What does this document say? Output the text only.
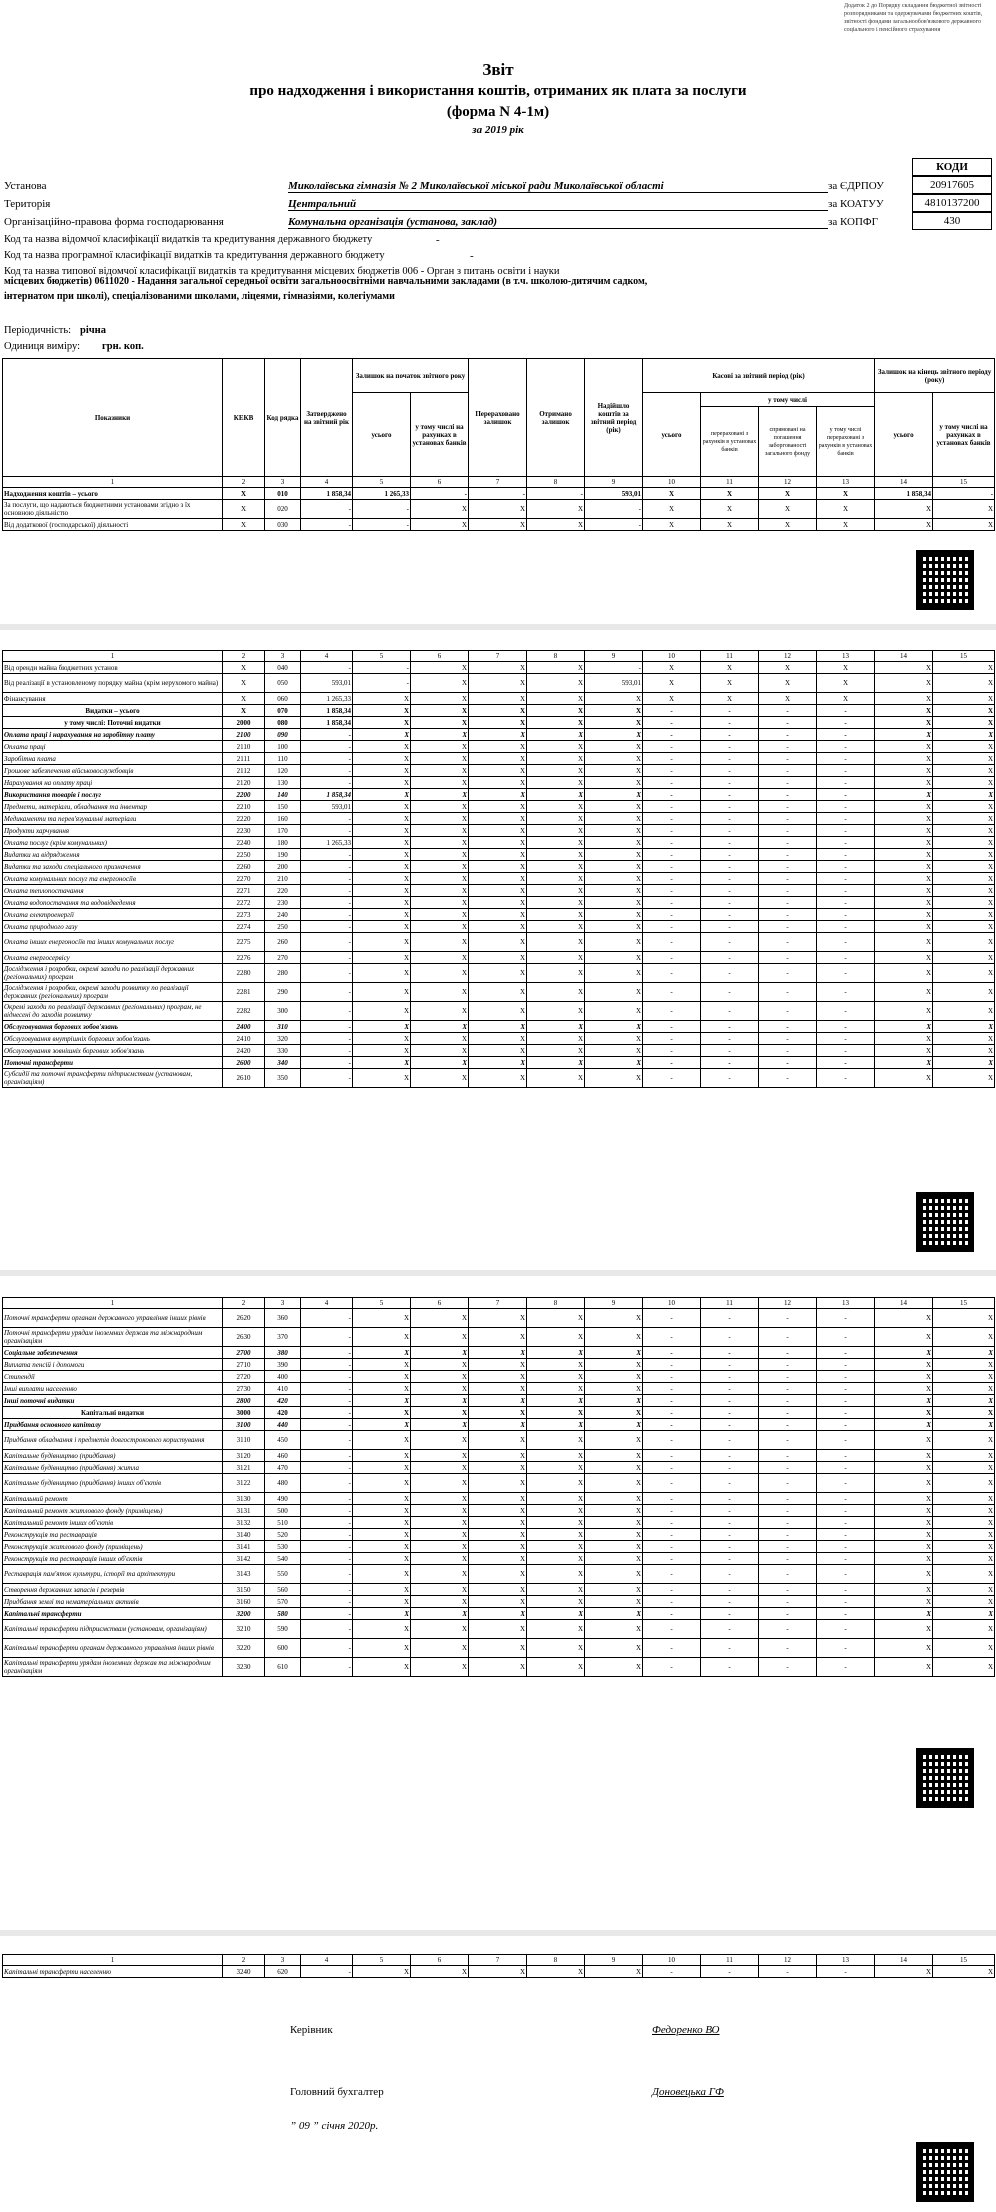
Додаток 2 до Порядку складання бюджетної звітності розпорядниками та одержувачами бюджетних коштів, звітності фондами загальнообов'язкового державного соціального і пенсійного страхування
Звіт
про надходження і використання коштів, отриманих як плата за послуги
(форма N 4-1м)
за 2019 рік
КОДИ
20917605
4810137200
430
Установа	Миколаївська гімназія № 2 Миколаївської міської ради Миколаївської області	за ЄДРПОУ
Територія	Центральний	за КОАТУУ
Організаційно-правова форма господарювання	Комунальна організація (установа, заклад)	за КОПФГ
Код та назва відомчої класифікації видатків та кредитування державного бюджету	-
Код та назва програмної класифікації видатків та кредитування державного бюджету	-
Код та назва типової відомчої класифікації видатків та кредитування місцевих бюджетів 006 - Орган з питань освіти і науки
місцевих бюджетів) 0611020 - Надання загальної середньої освіти загальноосвітніми навчальними закладами (в т.ч. школою-дитячим садком,
інтернатом при школі), спеціалізованими школами, ліцеями, гімназіями, колегіумами
Періодичність: річна
Одиниця виміру: грн. коп.
Показники	КЕКВ	Код рядка	Затверджено на звітний рік	Залишок на початок звітного року		Перераховано залишок	Отримано залишок	Надійшло коштів за звітний період (рік)	Касові за звітний період (рік)				Залишок на кінець звітного періоду (року)	
				усього	у тому числі на рахунках в установах банків				усього	у тому числі			усього	у тому числі на рахунках в установах банків
										перераховані з рахунків в установах банків	спрямовані на погашення заборгованості загального фонду	у тому числі перераховані з рахунків в установах банків		
1	2	3	4	5	6	7	8	9	10	11	12	13	14	15
Надходження коштів – усього	X	010	1 858,34	1 265,33	-	-	-	593,01	X	X	X	X	1 858,34	-
За послуги, що надаються бюджетними установами згідно з їх основною діяльністю	X	020	-	-	X	X	X	-	X	X	X	X	X	X
Від додаткової (господарської) діяльності	X	030	-	-	X	X	X	-	X	X	X	X	X	X
1	2	3	4	5	6	7	8	9	10	11	12	13	14	15
Від оренди майна бюджетних установ	X	040	-	-	X	X	X	-	X	X	X	X	X	X
Від реалізації в установленому порядку майна (крім нерухомого майна)	X	050	593,01	-	X	X	X	593,01	X	X	X	X	X	X
Фінансування	X	060	1 265,33	X	X	X	X	X	X	X	X	X	X	X
Видатки – усього	X	070	1 858,34	X	X	X	X	X	-	-	-	-	X	X
у тому числі: Поточні видатки	2000	080	1 858,34	X	X	X	X	X	-	-	-	-	X	X
Оплата праці і нарахування на заробітну плату	2100	090	-	X	X	X	X	X	-	-	-	-	X	X
Оплата праці	2110	100	-	X	X	X	X	X	-	-	-	-	X	X
Заробітна плата	2111	110	-	X	X	X	X	X	-	-	-	-	X	X
Грошове забезпечення військовослужбовців	2112	120	-	X	X	X	X	X	-	-	-	-	X	X
Нарахування на оплату праці	2120	130	-	X	X	X	X	X	-	-	-	-	X	X
Використання товарів і послуг	2200	140	1 858,34	X	X	X	X	X	-	-	-	-	X	X
Предмети, матеріали, обладнання та інвентар	2210	150	593,01	X	X	X	X	X	-	-	-	-	X	X
Медикаменти та перев'язувальні матеріали	2220	160	-	X	X	X	X	X	-	-	-	-	X	X
Продукти харчування	2230	170	-	X	X	X	X	X	-	-	-	-	X	X
Оплата послуг (крім комунальних)	2240	180	1 265,33	X	X	X	X	X	-	-	-	-	X	X
Видатки на відрядження	2250	190	-	X	X	X	X	X	-	-	-	-	X	X
Видатки та заходи спеціального призначення	2260	200	-	X	X	X	X	X	-	-	-	-	X	X
Оплата комунальних послуг та енергоносіїв	2270	210	-	X	X	X	X	X	-	-	-	-	X	X
Оплата теплопостачання	2271	220	-	X	X	X	X	X	-	-	-	-	X	X
Оплата водопостачання та водовідведення	2272	230	-	X	X	X	X	X	-	-	-	-	X	X
Оплата електроенергії	2273	240	-	X	X	X	X	X	-	-	-	-	X	X
Оплата природного газу	2274	250	-	X	X	X	X	X	-	-	-	-	X	X
Оплата інших енергоносіїв та інших комунальних послуг	2275	260	-	X	X	X	X	X	-	-	-	-	X	X
Оплата енергосервісу	2276	270	-	X	X	X	X	X	-	-	-	-	X	X
Дослідження і розробки, окремі заходи по реалізації державних (регіональних) програм	2280	280	-	X	X	X	X	X	-	-	-	-	X	X
Дослідження і розробки, окремі заходи розвитку по реалізації державних (регіональних) програм	2281	290	-	X	X	X	X	X	-	-	-	-	X	X
Окремі заходи по реалізації державних (регіональних) програм, не віднесені до заходів розвитку	2282	300	-	X	X	X	X	X	-	-	-	-	X	X
Обслуговування боргових зобов'язань	2400	310	-	X	X	X	X	X	-	-	-	-	X	X
Обслуговування внутрішніх боргових зобов'язань	2410	320	-	X	X	X	X	X	-	-	-	-	X	X
Обслуговування зовнішніх боргових зобов'язань	2420	330	-	X	X	X	X	X	-	-	-	-	X	X
Поточні трансферти	2600	340	-	X	X	X	X	X	-	-	-	-	X	X
Субсидії та поточні трансферти підприємствам (установам, організаціям)	2610	350	-	X	X	X	X	X	-	-	-	-	X	X
1	2	3	4	5	6	7	8	9	10	11	12	13	14	15
Поточні трансферти органам державного управління інших рівнів	2620	360	-	X	X	X	X	X	-	-	-	-	X	X
Поточні трансферти урядам іноземних держав та міжнародним організаціям	2630	370	-	X	X	X	X	X	-	-	-	-	X	X
Соціальне забезпечення	2700	380	-	X	X	X	X	X	-	-	-	-	X	X
Виплата пенсій і допомоги	2710	390	-	X	X	X	X	X	-	-	-	-	X	X
Стипендії	2720	400	-	X	X	X	X	X	-	-	-	-	X	X
Інші виплати населенню	2730	410	-	X	X	X	X	X	-	-	-	-	X	X
Інші поточні видатки	2800	420	-	X	X	X	X	X	-	-	-	-	X	X
Капітальні видатки	3000	420	-	X	X	X	X	X	-	-	-	-	X	X
Придбання основного капіталу	3100	440	-	X	X	X	X	X	-	-	-	-	X	X
Придбання обладнання і предметів довгострокового користування	3110	450	-	X	X	X	X	X	-	-	-	-	X	X
Капітальне будівництво (придбання)	3120	460	-	X	X	X	X	X	-	-	-	-	X	X
Капітальне будівництво (придбання) житла	3121	470	-	X	X	X	X	X	-	-	-	-	X	X
Капітальне будівництво (придбання) інших об'єктів	3122	480	-	X	X	X	X	X	-	-	-	-	X	X
Капітальний ремонт	3130	490	-	X	X	X	X	X	-	-	-	-	X	X
Капітальний ремонт житлового фонду (приміщень)	3131	500	-	X	X	X	X	X	-	-	-	-	X	X
Капітальний ремонт інших об'єктів	3132	510	-	X	X	X	X	X	-	-	-	-	X	X
Реконструкція та реставрація	3140	520	-	X	X	X	X	X	-	-	-	-	X	X
Реконструкція житлового фонду (приміщень)	3141	530	-	X	X	X	X	X	-	-	-	-	X	X
Реконструкція та реставрація інших об'єктів	3142	540	-	X	X	X	X	X	-	-	-	-	X	X
Реставрація пам'яток культури, історії та архітектури	3143	550	-	X	X	X	X	X	-	-	-	-	X	X
Створення державних запасів і резервів	3150	560	-	X	X	X	X	X	-	-	-	-	X	X
Придбання землі та нематеріальних активів	3160	570	-	X	X	X	X	X	-	-	-	-	X	X
Капітальні трансферти	3200	580	-	X	X	X	X	X	-	-	-	-	X	X
Капітальні трансферти підприємствам (установам, організаціям)	3210	590	-	X	X	X	X	X	-	-	-	-	X	X
Капітальні трансферти органам державного управління інших рівнів	3220	600	-	X	X	X	X	X	-	-	-	-	X	X
Капітальні трансферти урядам іноземних держав та міжнародним організаціям	3230	610	-	X	X	X	X	X	-	-	-	-	X	X
1	2	3	4	5	6	7	8	9	10	11	12	13	14	15
Капітальні трансферти населенню	3240	620	-	X	X	X	X	X	-	-	-	-	X	X
Керівник	Федоренко ВО
Головний бухгалтер	Доновецька ГФ
” 09 ” січня 2020р.
